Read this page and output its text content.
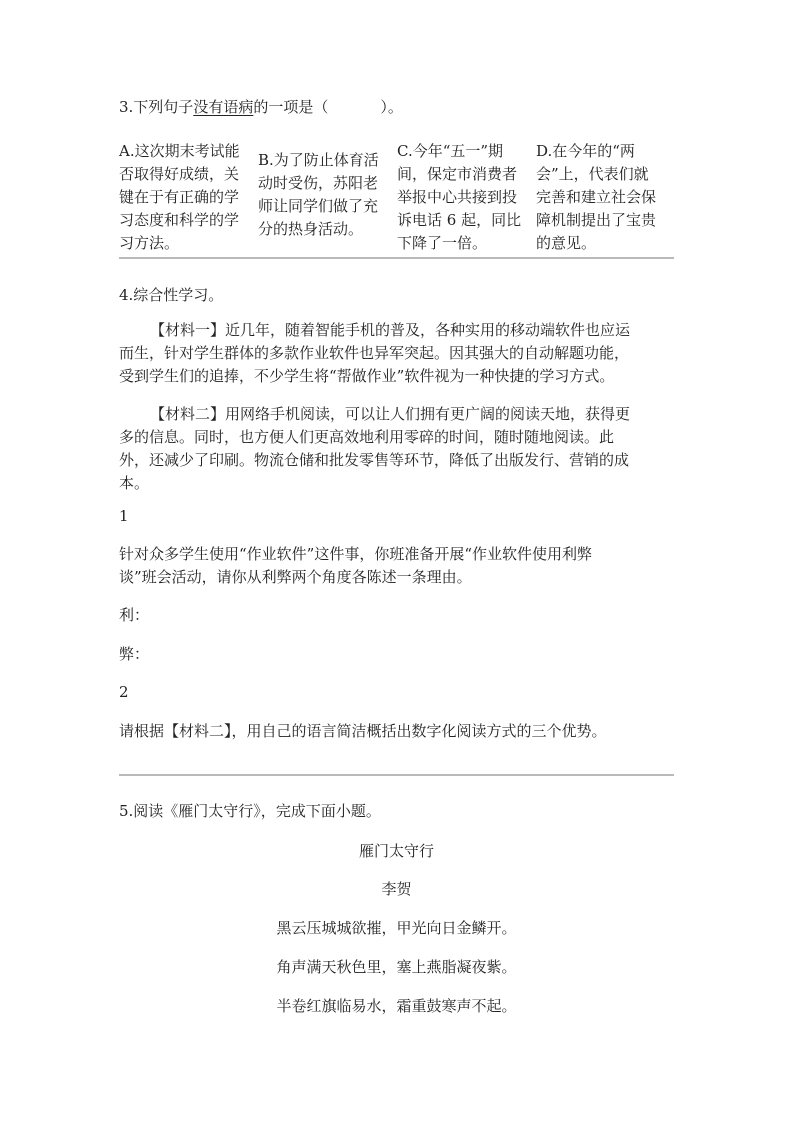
3.下列句子没有语病的一项是（	）。
A.这次期末考试能
否取得好成绩，关
键在于有正确的学
习态度和科学的学
习方法。
B.为了防止体育活
动时受伤，苏阳老
师让同学们做了充
分的热身活动。
C.今年“五一”期
间，保定市消费者
举报中心共接到投
诉电话 6 起，同比
下降了一倍。
D.在今年的“两
会”上，代表们就
完善和建立社会保
障机制提出了宝贵
的意见。
4.综合性学习。
【材料一】近几年，随着智能手机的普及，各种实用的移动端软件也应运
而生，针对学生群体的多款作业软件也异军突起。因其强大的自动解题功能，
受到学生们的追捧，不少学生将“帮做作业”软件视为一种快捷的学习方式。
【材料二】用网络手机阅读，可以让人们拥有更广阔的阅读天地，获得更
多的信息。同时，也方便人们更高效地利用零碎的时间，随时随地阅读。此
外，还减少了印刷。物流仓储和批发零售等环节，降低了出版发行、营销的成
本。
1
针对众多学生使用“作业软件”这件事，你班准备开展“作业软件使用利弊
谈”班会活动，请你从利弊两个角度各陈述一条理由。
利：
弊：
2
请根据【材料二】，用自己的语言简洁概括出数字化阅读方式的三个优势。
5.阅读《雁门太守行》，完成下面小题。
雁门太守行
李贺
黑云压城城欲摧，甲光向日金鳞开。
角声满天秋色里，塞上燕脂凝夜紫。
半卷红旗临易水，霜重鼓寒声不起。
